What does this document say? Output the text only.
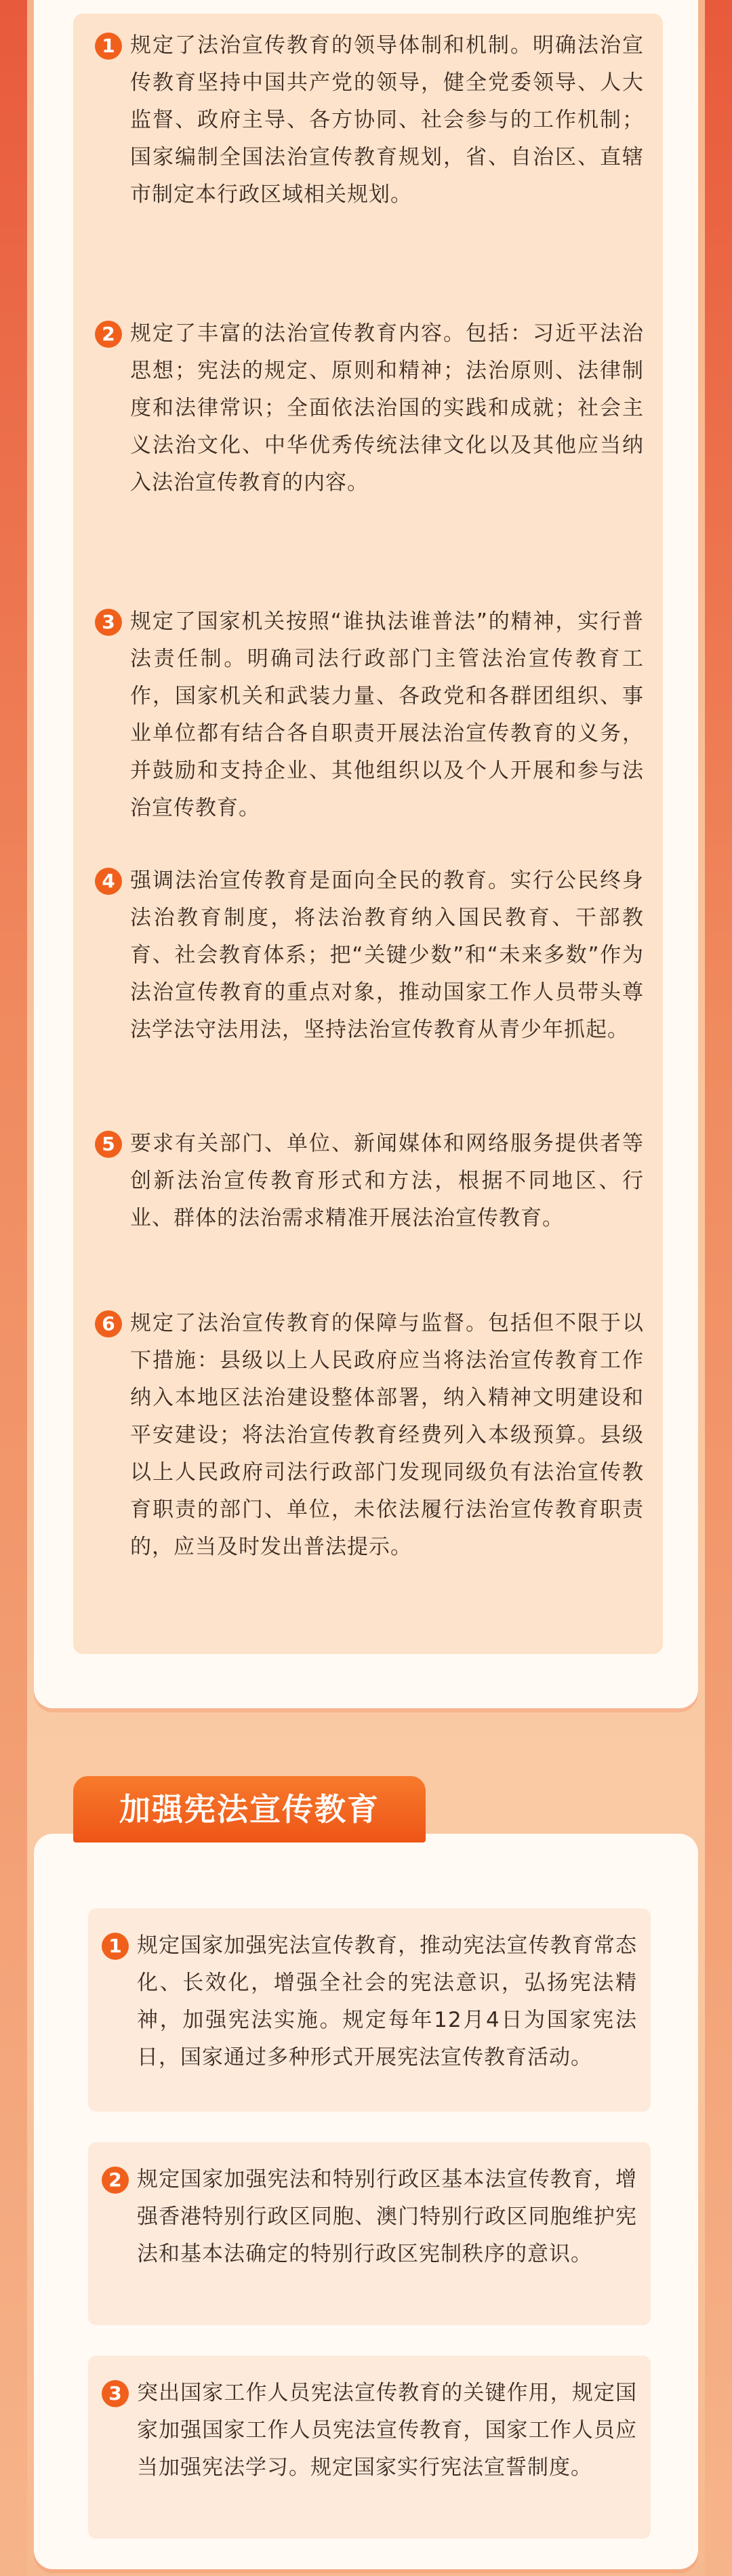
1 规定了法治宣传教育的领导体制和机制。明确法治宣传教育坚持中国共产党的领导，健全党委领导、人大监督、政府主导、各方协同、社会参与的工作机制；国家编制全国法治宣传教育规划，省、自治区、直辖市制定本行政区域相关规划。
2 规定了丰富的法治宣传教育内容。包括：习近平法治思想；宪法的规定、原则和精神；法治原则、法律制度和法律常识；全面依法治国的实践和成就；社会主义法治文化、中华优秀传统法律文化以及其他应当纳入法治宣传教育的内容。
3 规定了国家机关按照“谁执法谁普法”的精神，实行普法责任制。明确司法行政部门主管法治宣传教育工作，国家机关和武装力量、各政党和各群团组织、事业单位都有结合各自职责开展法治宣传教育的义务，并鼓励和支持企业、其他组织以及个人开展和参与法治宣传教育。
4 强调法治宣传教育是面向全民的教育。实行公民终身法治教育制度，将法治教育纳入国民教育、干部教育、社会教育体系；把“关键少数”和“未来多数”作为法治宣传教育的重点对象，推动国家工作人员带头尊法学法守法用法，坚持法治宣传教育从青少年抓起。
5 要求有关部门、单位、新闻媒体和网络服务提供者等创新法治宣传教育形式和方法，根据不同地区、行业、群体的法治需求精准开展法治宣传教育。
6 规定了法治宣传教育的保障与监督。包括但不限于以下措施：县级以上人民政府应当将法治宣传教育工作纳入本地区法治建设整体部署，纳入精神文明建设和平安建设；将法治宣传教育经费列入本级预算。县级以上人民政府司法行政部门发现同级负有法治宣传教育职责的部门、单位，未依法履行法治宣传教育职责的，应当及时发出普法提示。
1 规定国家加强宪法宣传教育，推动宪法宣传教育常态化、长效化，增强全社会的宪法意识，弘扬宪法精神，加强宪法实施。规定每年12月4日为国家宪法日，国家通过多种形式开展宪法宣传教育活动。
2 规定国家加强宪法和特别行政区基本法宣传教育，增强香港特别行政区同胞、澳门特别行政区同胞维护宪法和基本法确定的特别行政区宪制秩序的意识。
3 突出国家工作人员宪法宣传教育的关键作用，规定国家加强国家工作人员宪法宣传教育，国家工作人员应当加强宪法学习。规定国家实行宪法宣誓制度。
加强宪法宣传教育
